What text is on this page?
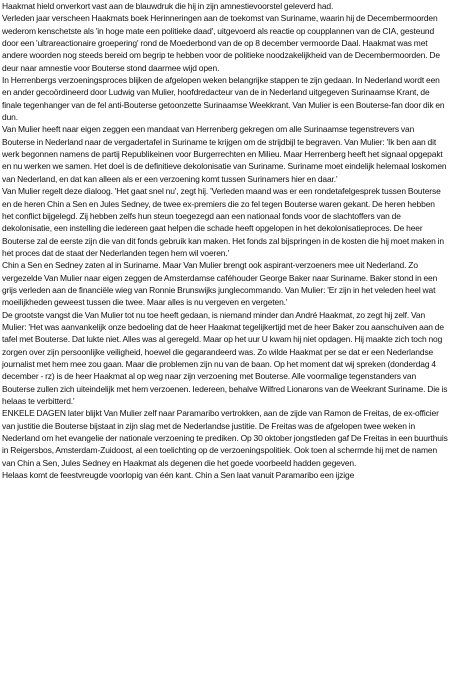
Haakmat hield onverkort vast aan de blauwdruk die hij in zijn amnestievoorstel geleverd had.

Verleden jaar verscheen Haakmats boek Herinneringen aan de toekomst van Suriname, waarin hij de Decembermoorden wederom kenschetste als 'in hoge mate een politieke daad', uitgevoerd als reactie op coupplannen van de CIA, gesteund door een 'ultrareactionaire groepering' rond de Moederbond van de op 8 december vermoorde Daal. Haakmat was met andere woorden nog steeds bereid om begrip te hebben voor de politieke noodzakelijkheid van de Decembermoorden. De deur naar amnestie voor Bouterse stond daarmee wijd open.

In Herrenbergs verzoeningsproces blijken de afgelopen weken belangrijke stappen te zijn gedaan. In Nederland wordt een en ander gecoördineerd door Ludwig van Mulier, hoofdredacteur van de in Nederland uitgegeven Surinaamse Krant, de finale tegenhanger van de fel anti-Bouterse getoonzette Surinaamse Weekkrant. Van Mulier is een Bouterse-fan door dik en dun.

Van Mulier heeft naar eigen zeggen een mandaat van Herrenberg gekregen om alle Surinaamse tegenstrevers van Bouterse in Nederland naar de vergadertafel in Suriname te krijgen om de strijdbijl te begraven. Van Mulier: 'Ik ben aan dit werk begonnen namens de partij Republikeinen voor Burgerrechten en Milieu. Maar Herrenberg heeft het signaal opgepakt en nu werken we samen. Het doel is de definitieve dekolonisatie van Suriname. Suriname moet eindelijk helemaal loskomen van Nederland, en dat kan alleen als er een verzoening komt tussen Surinamers hier en daar.'

Van Mulier regelt deze dialoog. 'Het gaat snel nu', zegt hij. 'Verleden maand was er een rondetafelgesprek tussen Bouterse en de heren Chin a Sen en Jules Sedney, de twee ex-premiers die zo fel tegen Bouterse waren gekant. De heren hebben het conflict bijgelegd. Zij hebben zelfs hun steun toegezegd aan een nationaal fonds voor de slachtoffers van de dekolonisatie, een instelling die iedereen gaat helpen die schade heeft opgelopen in het dekolonisatieproces. De heer Bouterse zal de eerste zijn die van dit fonds gebruik kan maken. Het fonds zal bijspringen in de kosten die hij moet maken in het proces dat de staat der Nederlanden tegen hem wil voeren.'

Chin a Sen en Sedney zaten al in Suriname. Maar Van Mulier brengt ook aspirant-verzoeners mee uit Nederland. Zo vergezelde Van Mulier naar eigen zeggen de Amsterdamse caféhouder George Baker naar Suriname. Baker stond in een grijs verleden aan de financiële wieg van Ronnie Brunswijks junglecommando. Van Mulier: 'Er zijn in het veleden heel wat moeilijkheden geweest tussen die twee. Maar alles is nu vergeven en vergeten.'

De grootste vangst die Van Mulier tot nu toe heeft gedaan, is niemand minder dan André Haakmat, zo zegt hij zelf. Van Mulier: 'Het was aanvankelijk onze bedoeling dat de heer Haakmat tegelijkertijd met de heer Baker zou aanschuiven aan de tafel met Bouterse. Dat lukte niet. Alles was al geregeld. Maar op het uur U kwam hij niet opdagen. Hij maakte zich toch nog zorgen over zijn persoonlijke veiligheid, hoewel die gegarandeerd was. Zo wilde Haakmat per se dat er een Nederlandse journalist met hem mee zou gaan. Maar die problemen zijn nu van de baan. Op het moment dat wij spreken (donderdag 4 december - rz) is de heer Haakmat al op weg naar zijn verzoening met Bouterse. Alle voormalige tegenstanders van Bouterse zullen zich uiteindelijk met hem verzoenen. Iedereen, behalve Wilfred Lionarons van de Weekrant Suriname. Die is helaas te verbitterd.'

ENKELE DAGEN later blijkt Van Mulier zelf naar Paramaribo vertrokken, aan de zijde van Ramon de Freitas, de ex-officier van justitie die Bouterse bijstaat in zijn slag met de Nederlandse justitie. De Freitas was de afgelopen twee weken in Nederland om het evangelie der nationale verzoening te prediken. Op 30 oktober jongstleden gaf De Freitas in een buurthuis in Reigersbos, Amsterdam-Zuidoost, al een toelichting op de verzoeningspolitiek. Ook toen al schermde hij met de namen van Chin a Sen, Jules Sedney en Haakmat als degenen die het goede voorbeeld hadden gegeven.

Helaas komt de feestvreugde voorlopig van één kant. Chin a Sen laat vanuit Paramaribo een ijzige
